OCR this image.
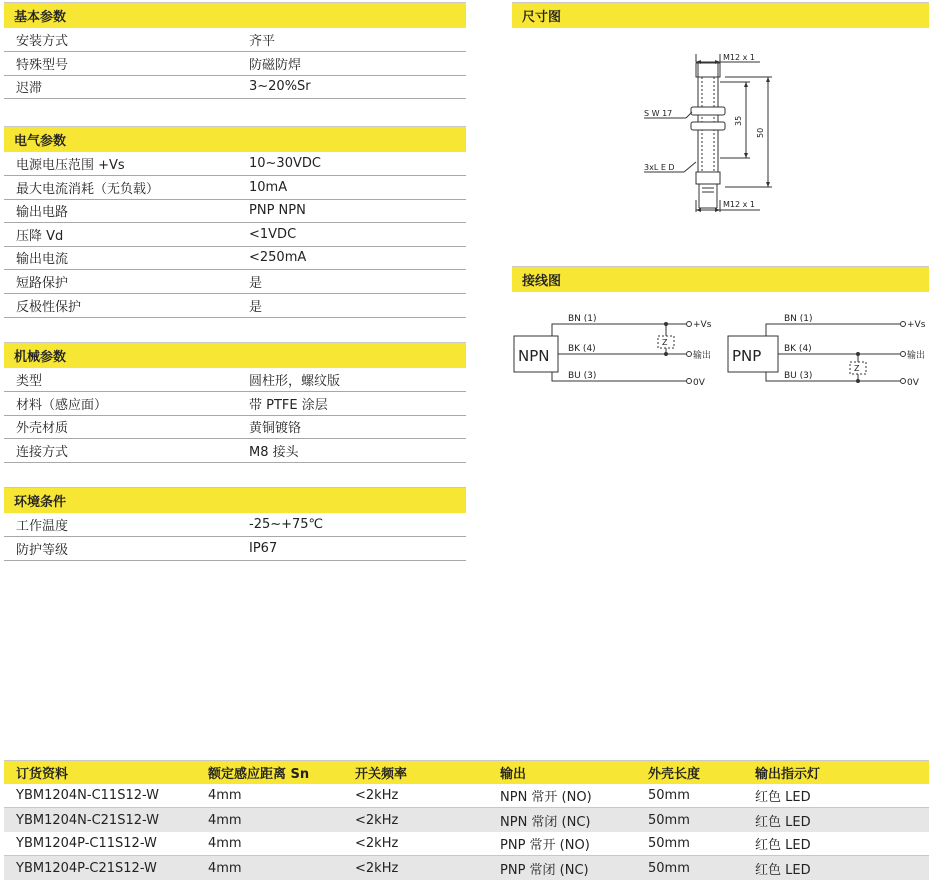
基本参数
安装方式	齐平
特殊型号	防磁防焊
迟滞	3~20%Sr
电气参数
电源电压范围 +Vs	10~30VDC
最大电流消耗（无负载）	10mA
输出电路	PNP NPN
压降 Vd	<1VDC
输出电流	<250mA
短路保护	是
反极性保护	是
机械参数
类型	圆柱形，螺纹版
材料（感应面）	带 PTFE 涂层
外壳材质	黄铜镀铬
连接方式	M8 接头
环境条件
工作温度	-25~+75℃
防护等级	IP67
尺寸图
M12 x 1
M12 x 1
S W 17
3xL E D
35
50
接线图
NPN
BN (1)
BK (4)
BU (3)
Z
+Vs
输出
0V
PNP
BN (1)
BK (4)
BU (3)
Z
+Vs
输出
0V
订货资料	额定感应距离 Sn	开关频率	输出	外壳长度	输出指示灯
YBM1204N-C11S12-W	4mm	<2kHz	NPN 常开 (NO)	50mm	红色 LED
YBM1204N-C21S12-W	4mm	<2kHz	NPN 常闭 (NC)	50mm	红色 LED
YBM1204P-C11S12-W	4mm	<2kHz	PNP 常开 (NO)	50mm	红色 LED
YBM1204P-C21S12-W	4mm	<2kHz	PNP 常闭 (NC)	50mm	红色 LED
